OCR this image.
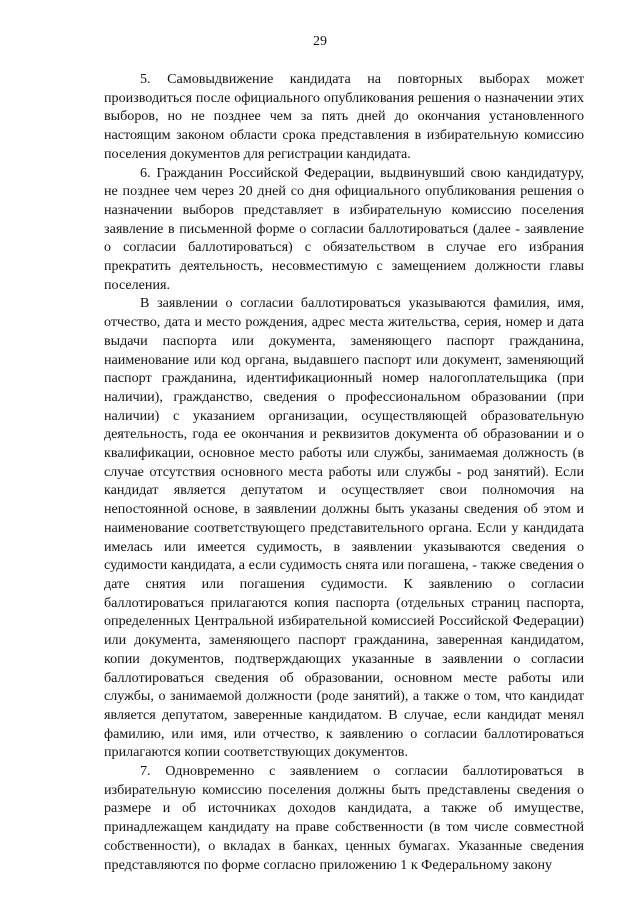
29

5. Самовыдвижение кандидата на повторных выборах может производиться после официального опубликования решения о назначении этих выборов, но не позднее чем за пять дней до окончания установленного настоящим законом области срока представления в избирательную комиссию поселения документов для регистрации кандидата.

6. Гражданин Российской Федерации, выдвинувший свою кандидатуру, не позднее чем через 20 дней со дня официального опубликования решения о назначении выборов представляет в избирательную комиссию поселения заявление в письменной форме о согласии баллотироваться (далее - заявление о согласии баллотироваться) с обязательством в случае его избрания прекратить деятельность, несовместимую с замещением должности главы поселения.

В заявлении о согласии баллотироваться указываются фамилия, имя, отчество, дата и место рождения, адрес места жительства, серия, номер и дата выдачи паспорта или документа, заменяющего паспорт гражданина, наименование или код органа, выдавшего паспорт или документ, заменяющий паспорт гражданина, идентификационный номер налогоплательщика (при наличии), гражданство, сведения о профессиональном образовании (при наличии) с указанием организации, осуществляющей образовательную деятельность, года ее окончания и реквизитов документа об образовании и о квалификации, основное место работы или службы, занимаемая должность (в случае отсутствия основного места работы или службы - род занятий). Если кандидат является депутатом и осуществляет свои полномочия на непостоянной основе, в заявлении должны быть указаны сведения об этом и наименование соответствующего представительного органа. Если у кандидата имелась или имеется судимость, в заявлении указываются сведения о судимости кандидата, а если судимость снята или погашена, - также сведения о дате снятия или погашения судимости. К заявлению о согласии баллотироваться прилагаются копия паспорта (отдельных страниц паспорта, определенных Центральной избирательной комиссией Российской Федерации) или документа, заменяющего паспорт гражданина, заверенная кандидатом, копии документов, подтверждающих указанные в заявлении о согласии баллотироваться сведения об образовании, основном месте работы или службы, о занимаемой должности (роде занятий), а также о том, что кандидат является депутатом, заверенные кандидатом. В случае, если кандидат менял фамилию, или имя, или отчество, к заявлению о согласии баллотироваться прилагаются копии соответствующих документов.

7. Одновременно с заявлением о согласии баллотироваться в избирательную комиссию поселения должны быть представлены сведения о размере и об источниках доходов кандидата, а также об имуществе, принадлежащем кандидату на праве собственности (в том числе совместной собственности), о вкладах в банках, ценных бумагах. Указанные сведения представляются по форме согласно приложению 1 к Федеральному закону
